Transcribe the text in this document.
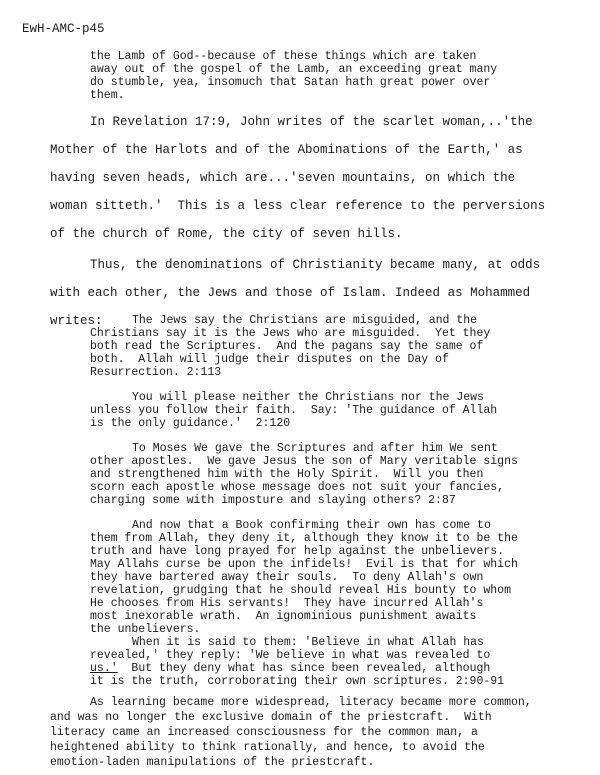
EwH-AMC-p45
the Lamb of God--because of these things which are taken
away out of the gospel of the Lamb, an exceeding great many
do stumble, yea, insomuch that Satan hath great power over
them.
In Revelation 17:9, John writes of the scarlet woman,..'the
Mother of the Harlots and of the Abominations of the Earth,' as
having seven heads, which are...'seven mountains, on which the
woman sitteth.'  This is a less clear reference to the perversions
of the church of Rome, the city of seven hills.
Thus, the denominations of Christianity became many, at odds
with each other, the Jews and those of Islam. Indeed as Mohammed
writes:	The Jews say the Christians are misguided, and the
Christians say it is the Jews who are misguided.  Yet they
both read the Scriptures.  And the pagans say the same of
both.  Allah will judge their disputes on the Day of
Resurrection. 2:113
You will please neither the Christians nor the Jews
unless you follow their faith.  Say: 'The guidance of Allah
is the only guidance.'  2:120
To Moses We gave the Scriptures and after him We sent
other apostles.  We gave Jesus the son of Mary veritable signs
and strengthened him with the Holy Spirit.  Will you then
scorn each apostle whose message does not suit your fancies,
charging some with imposture and slaying others? 2:87
And now that a Book confirming their own has come to
them from Allah, they deny it, although they know it to be the
truth and have long prayed for help against the unbelievers.
May Allahs curse be upon the infidels!  Evil is that for which
they have bartered away their souls.  To deny Allah's own
revelation, grudging that he should reveal His bounty to whom
He chooses from His servants!  They have incurred Allah's
most inexorable wrath.  An ignominious punishment awaits
the unbelievers.
When it is said to them: 'Believe in what Allah has
revealed,' they reply: 'We believe in what was revealed to
us.'  But they deny what has since been revealed, although
it is the truth, corroborating their own scriptures. 2:90-91
As learning became more widespread, literacy became more common,
and was no longer the exclusive domain of the priestcraft.  With
literacy came an increased consciousness for the common man, a
heightened ability to think rationally, and hence, to avoid the
emotion-laden manipulations of the priestcraft.
